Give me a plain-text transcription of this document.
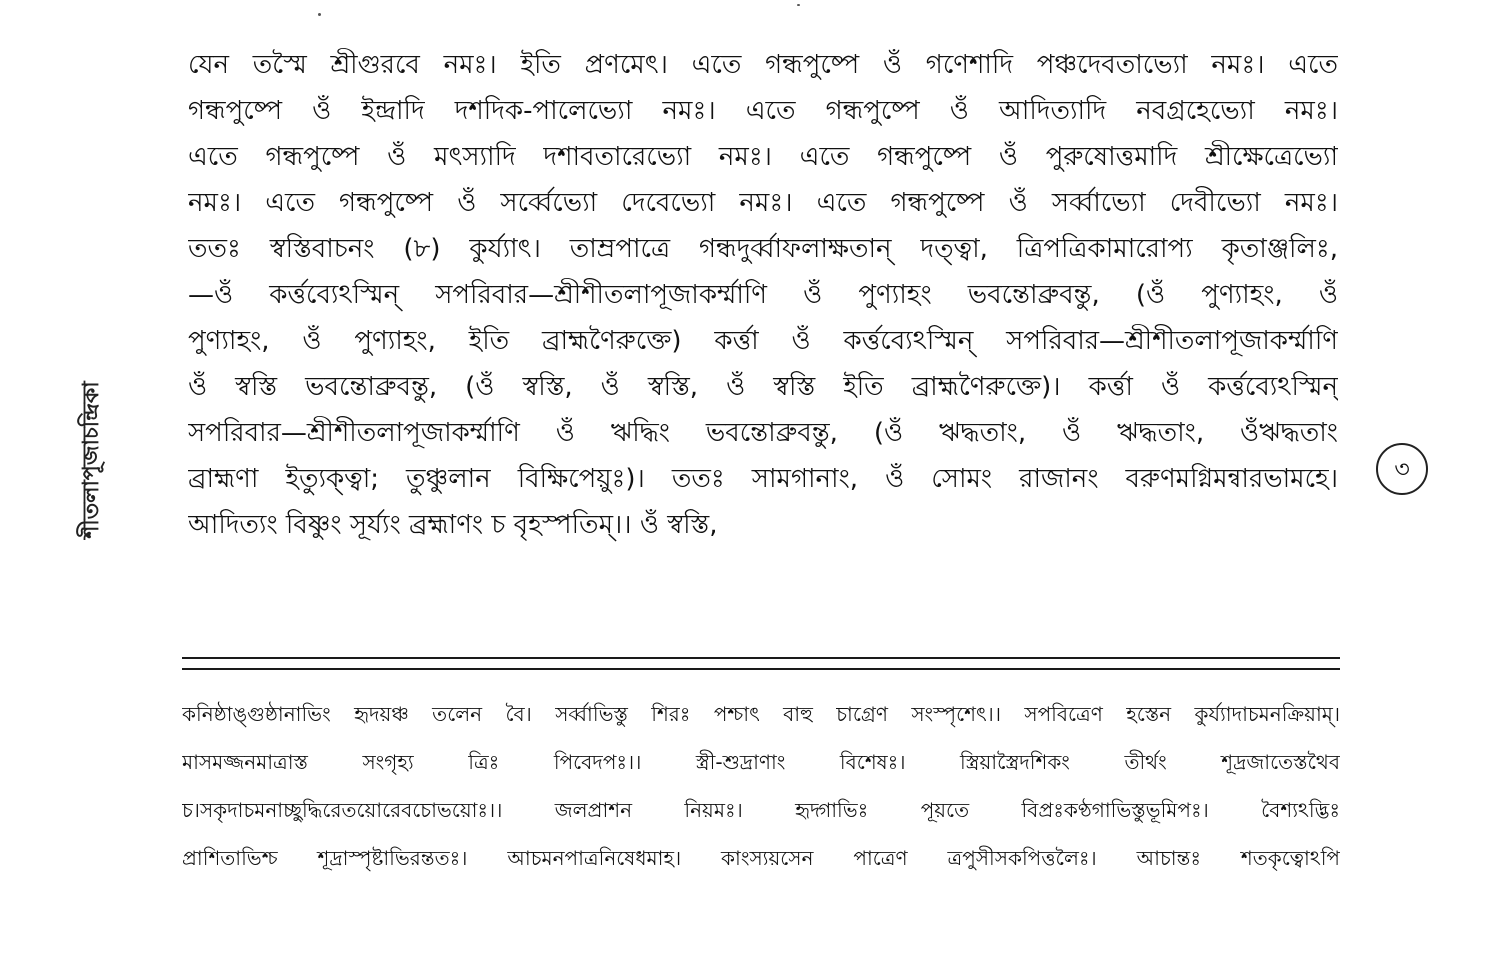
শীতলাপূজাচন্দ্রিকা
যেন তস্মৈ শ্রীগুরবে নমঃ। ইতি প্রণমেৎ। এতে গন্ধপুষ্পে ওঁ গণেশাদি পঞ্চদেবতাভ্যো নমঃ। এতে
গন্ধপুষ্পে ওঁ ইন্দ্রাদি দশদিক-পালেভ্যো নমঃ। এতে গন্ধপুষ্পে ওঁ আদিত্যাদি নবগ্রহেভ্যো নমঃ।
এতে গন্ধপুষ্পে ওঁ মৎস্যাদি দশাবতারেভ্যো নমঃ। এতে গন্ধপুষ্পে ওঁ পুরুষোত্তমাদি শ্রীক্ষেত্রেভ্যো
নমঃ। এতে গন্ধপুষ্পে ওঁ সর্ব্বেভ্যো দেবেভ্যো নমঃ। এতে গন্ধপুষ্পে ওঁ সর্ব্বাভ্যো দেবীভ্যো নমঃ।
ততঃ স্বস্তিবাচনং (৮) কুর্য্যাৎ। তাম্রপাত্রে গন্ধদুর্ব্বাফলাক্ষতান্ দত্ত্বা, ত্রিপত্রিকামারোপ্য কৃতাঞ্জলিঃ,
—ওঁ কর্ত্তব্যেঽস্মিন্ সপরিবার—শ্রীশীতলাপূজাকর্ম্মাণি ওঁ পুণ্যাহং ভবন্তোব্রুবন্তু, (ওঁ পুণ্যাহং, ওঁ
পুণ্যাহং, ওঁ পুণ্যাহং, ইতি ব্রাহ্মণৈরুক্তে) কর্ত্তা ওঁ কর্ত্তব্যেঽস্মিন্ সপরিবার—শ্রীশীতলাপূজাকর্ম্মাণি
ওঁ স্বস্তি ভবন্তোব্রুবন্তু, (ওঁ স্বস্তি, ওঁ স্বস্তি, ওঁ স্বস্তি ইতি ব্রাহ্মণৈরুক্তে)। কর্ত্তা ওঁ কর্ত্তব্যেঽস্মিন্
সপরিবার—শ্রীশীতলাপূজাকর্ম্মাণি ওঁ ঋদ্ধিং ভবন্তোব্রুবন্তু, (ওঁ ঋদ্ধতাং, ওঁ ঋদ্ধতাং, ওঁঋদ্ধতাং
ব্রাহ্মণা ইত্যুক্ত্বা; তুঞ্চুলান বিক্ষিপেয়ুঃ)। ততঃ সামগানাং, ওঁ সোমং রাজানং বরুণমগ্নিমন্বারভামহে।
আদিত্যং বিষ্ণুং সূর্য্যং ব্রহ্মাণং চ বৃহস্পতিম্।। ওঁ স্বস্তি,
৩
কনিষ্ঠাঙ্গুষ্ঠানাভিং হৃদয়ঞ্চ তলেন বৈ। সর্ব্বাভিস্তু শিরঃ পশ্চাৎ বাহু চাগ্রেণ সংস্পৃশেৎ।। সপবিত্রেণ হস্তেন কুর্য্যাদাচমনক্রিয়াম্।
মাসমজ্জনমাত্রাস্ত সংগৃহ্য ত্রিঃ পিবেদপঃ।। স্ত্রী-শুদ্রাণাং বিশেষঃ। স্ত্রিয়াস্ত্রৈদশিকং তীর্থং শূদ্রজাতেস্তথৈব
চ।সকৃদাচমনাচ্ছুদ্ধিরেতয়োরেবচোভয়োঃ।। জলপ্রাশন নিয়মঃ। হৃদ্গাভিঃ পূয়তে বিপ্রঃকণ্ঠগাভিস্তুভূমিপঃ। বৈশ্যঽদ্ভিঃ
প্রাশিতাভিশ্চ শূদ্রাস্পৃষ্টাভিরন্ততঃ। আচমনপাত্রনিষেধমাহ। কাংস্যয়সেন পাত্রেণ ত্রপুসীসকপিত্তলৈঃ। আচান্তঃ শতকৃত্বোঽপি
